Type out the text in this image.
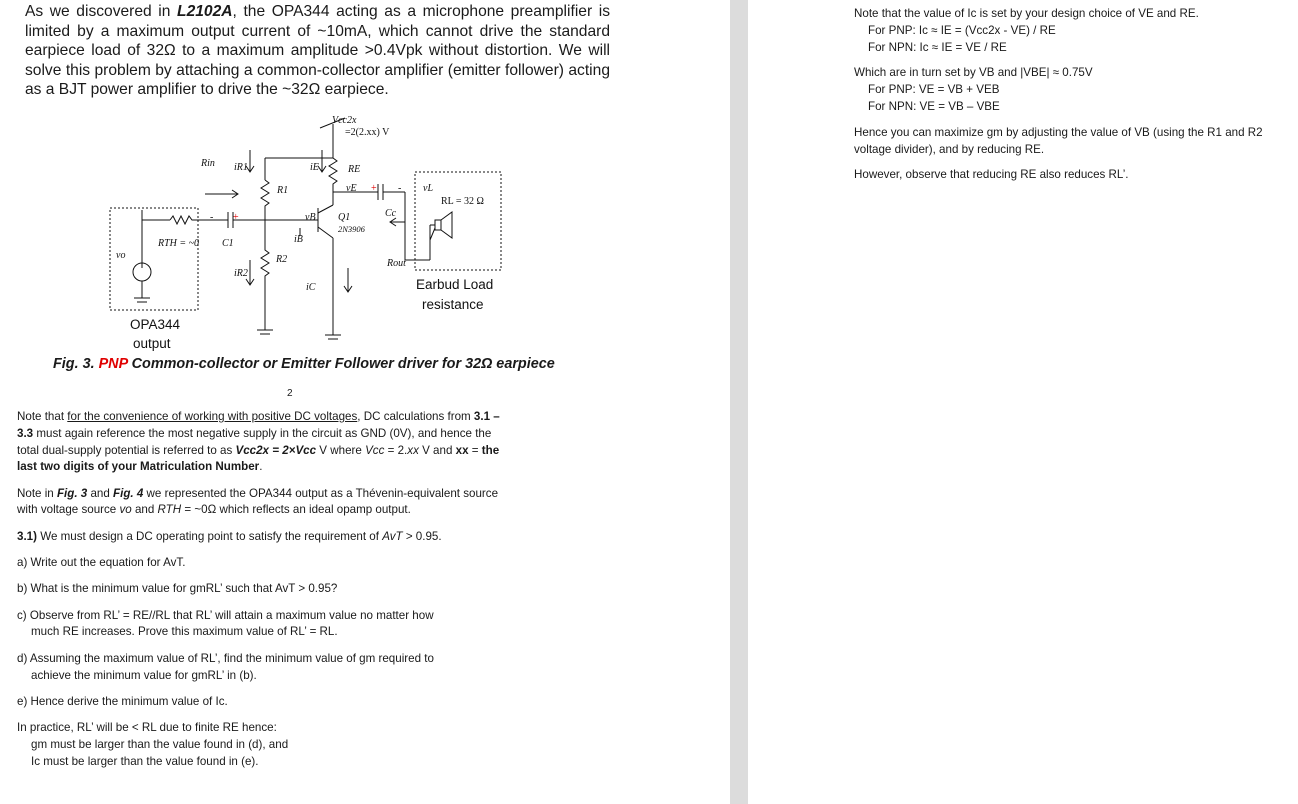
As we discovered in L2102A, the OPA344 acting as a microphone preamplifier is limited by a maximum output current of ~10mA, which cannot drive the standard earpiece load of 32Ω to a maximum amplitude >0.4Vpk without distortion. We will solve this problem by attaching a common-collector amplifier (emitter follower) acting as a BJT power amplifier to drive the ~32Ω earpiece.
Vcc2x
=2(2.xx) V
Rin iR1	iE	RE
vE	vL
R1
RL = 32 Ω
vB Q1
2N3906
Cc
RTH = ~0 C1	iB
vo	R2	Rout
iR2
iC
- +
+ -
Earbud Load
resistance
OPA344
output
Fig. 3. PNP Common-collector or Emitter Follower driver for 32Ω earpiece
2

Note that for the convenience of working with positive DC voltages, DC calculations from 3.1 – 3.3 must again reference the most negative supply in the circuit as GND (0V), and hence the total dual-supply potential is referred to as Vcc2x = 2×Vcc V where Vcc = 2.xx V and xx = the last two digits of your Matriculation Number.

Note in Fig. 3 and Fig. 4 we represented the OPA344 output as a Thévenin-equivalent source with voltage source vo and RTH = ~0Ω which reflects an ideal opamp output.

3.1) We must design a DC operating point to satisfy the requirement of AvT > 0.95.

a) Write out the equation for AvT.

b) What is the minimum value for gmRL’ such that AvT > 0.95?

c) Observe from RL’ = RE//RL that RL’ will attain a maximum value no matter how
much RE increases. Prove this maximum value of RL’ = RL.

d) Assuming the maximum value of RL’, find the minimum value of gm required to
achieve the minimum value for gmRL’ in (b).

e) Hence derive the minimum value of Ic.

In practice, RL’ will be < RL due to finite RE hence:
gm must be larger than the value found in (d), and
Ic must be larger than the value found in (e).

Note that the value of Ic is set by your design choice of VE and RE.
For PNP: Ic ≈ IE = (Vcc2x - VE) / RE
For NPN: Ic ≈ IE = VE / RE

Which are in turn set by VB and |VBE| ≈ 0.75V
For PNP: VE = VB + VEB
For NPN: VE = VB – VBE

Hence you can maximize gm by adjusting the value of VB (using the R1 and R2 voltage divider), and by reducing RE.

However, observe that reducing RE also reduces RL’.
